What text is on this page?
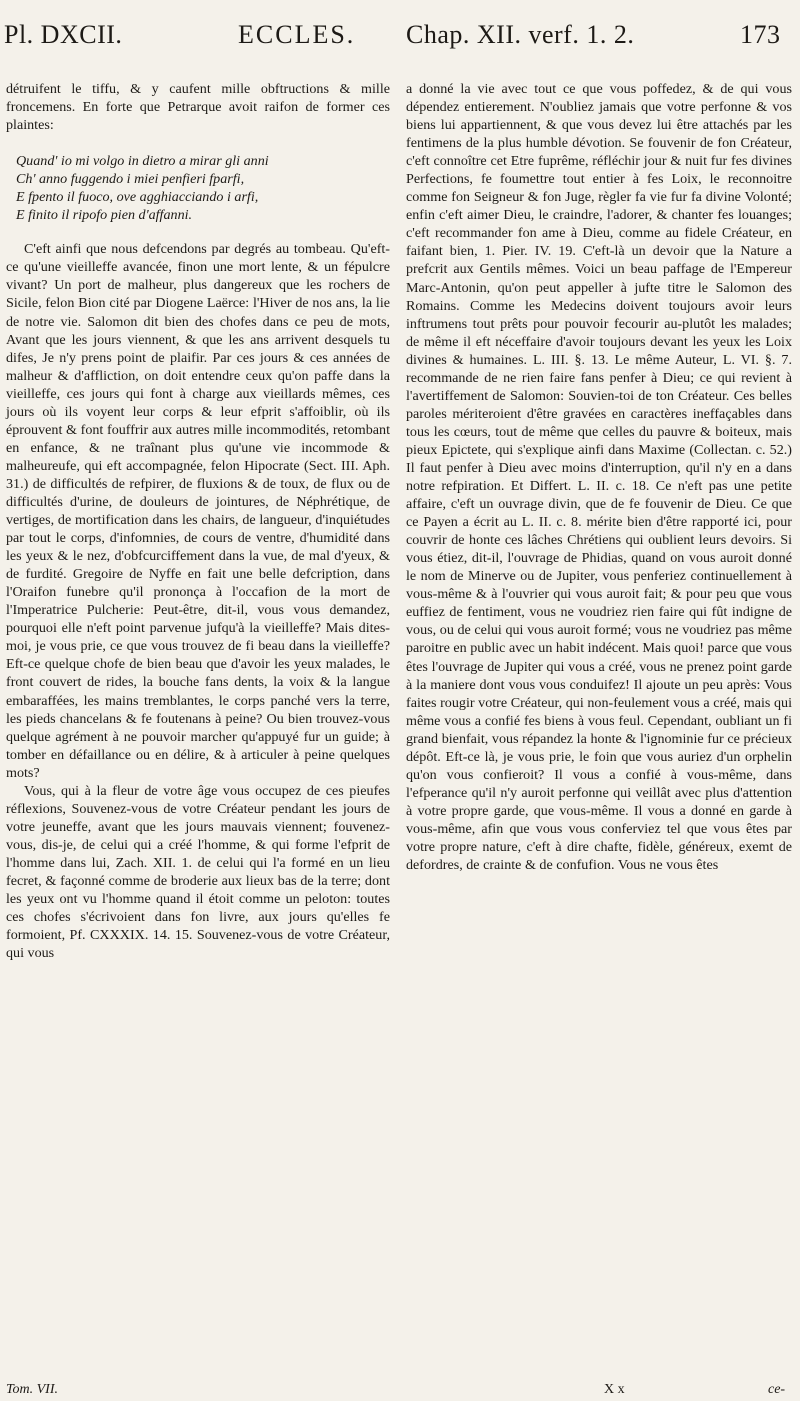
Pl. DXCII.	ECCLES. Chap. XII. verf. 1. 2.	173

détruifent le tiffu, & y caufent mille obftructions & mille froncemens. En forte que Petrarque avoit raifon de former ces plaintes:

Quand' io mi volgo in dietro a mirar gli anni
Ch' anno fuggendo i miei penfieri fparfi,
E fpento il fuoco, ove agghiacciando i arfi,
E finito il ripofo pien d'affanni.

C'eft ainfi que nous defcendons par degrés au tombeau. Qu'eft-ce qu'une vieilleffe avancée, finon une mort lente, & un fépulcre vivant? Un port de malheur, plus dangereux que les rochers de Sicile, felon Bion cité par Diogene Laërce: l'Hiver de nos ans, la lie de notre vie. Salomon dit bien des chofes dans ce peu de mots, Avant que les jours viennent, & que les ans arrivent desquels tu difes, Je n'y prens point de plaifir. Par ces jours & ces années de malheur & d'affliction, on doit entendre ceux qu'on paffe dans la vieilleffe, ces jours qui font à charge aux vieillards mêmes, ces jours où ils voyent leur corps & leur efprit s'affoiblir, où ils éprouvent & font fouffrir aux autres mille incommodités, retombant en enfance, & ne traînant plus qu'une vie incommode & malheureufe, qui eft accompagnée, felon Hipocrate (Sect. III. Aph. 31.) de difficultés de refpirer, de fluxions & de toux, de flux ou de difficultés d'urine, de douleurs de jointures, de Néphrétique, de vertiges, de mortification dans les chairs, de langueur, d'inquiétudes par tout le corps, d'infomnies, de cours de ventre, d'humidité dans les yeux & le nez, d'obfcurciffement dans la vue, de mal d'yeux, & de furdité. Gregoire de Nyffe en fait une belle defcription, dans l'Oraifon funebre qu'il prononça à l'occafion de la mort de l'Imperatrice Pulcherie: Peut-être, dit-il, vous vous demandez, pourquoi elle n'eft point parvenue jufqu'à la vieilleffe? Mais dites-moi, je vous prie, ce que vous trouvez de fi beau dans la vieilleffe? Eft-ce quelque chofe de bien beau que d'avoir les yeux malades, le front couvert de rides, la bouche fans dents, la voix & la langue embaraffées, les mains tremblantes, le corps panché vers la terre, les pieds chancelans & fe foutenans à peine? Ou bien trouvez-vous quelque agrément à ne pouvoir marcher qu'appuyé fur un guide; à tomber en défaillance ou en délire, & à articuler à peine quelques mots?

Vous, qui à la fleur de votre âge vous occupez de ces pieufes réflexions, Souvenez-vous de votre Créateur pendant les jours de votre jeuneffe, avant que les jours mauvais viennent; fouvenez-vous, dis-je, de celui qui a créé l'homme, & qui forme l'efprit de l'homme dans lui, Zach. XII. 1. de celui qui l'a formé en un lieu fecret, & façonné comme de broderie aux lieux bas de la terre; dont les yeux ont vu l'homme quand il étoit comme un peloton: toutes ces chofes s'écrivoient dans fon livre, aux jours qu'elles fe formoient, Pf. CXXXIX. 14. 15. Souvenez-vous de votre Créateur, qui vous

a donné la vie avec tout ce que vous poffedez, & de qui vous dépendez entierement. N'oubliez jamais que votre perfonne & vos biens lui appartiennent, & que vous devez lui être attachés par les fentimens de la plus humble dévotion. Se fouvenir de fon Créateur, c'eft connoître cet Etre fuprême, réfléchir jour & nuit fur fes divines Perfections, fe foumettre tout entier à fes Loix, le reconnoitre comme fon Seigneur & fon Juge, règler fa vie fur fa divine Volonté; enfin c'eft aimer Dieu, le craindre, l'adorer, & chanter fes louanges; c'eft recommander fon ame à Dieu, comme au fidele Créateur, en faifant bien, 1. Pier. IV. 19. C'eft-là un devoir que la Nature a prefcrit aux Gentils mêmes. Voici un beau paffage de l'Empereur Marc-Antonin, qu'on peut appeller à jufte titre le Salomon des Romains. Comme les Medecins doivent toujours avoir leurs inftrumens tout prêts pour pouvoir fecourir au-plutôt les malades; de même il eft néceffaire d'avoir toujours devant les yeux les Loix divines & humaines. L. III. §. 13. Le même Auteur, L. VI. §. 7. recommande de ne rien faire fans penfer à Dieu; ce qui revient à l'avertiffement de Salomon: Souvien-toi de ton Créateur. Ces belles paroles mériteroient d'être gravées en caractères ineffaçables dans tous les cœurs, tout de même que celles du pauvre & boiteux, mais pieux Epictete, qui s'explique ainfi dans Maxime (Collectan. c. 52.) Il faut penfer à Dieu avec moins d'interruption, qu'il n'y en a dans notre refpiration. Et Differt. L. II. c. 18. Ce n'eft pas une petite affaire, c'eft un ouvrage divin, que de fe fouvenir de Dieu. Ce que ce Payen a écrit au L. II. c. 8. mérite bien d'être rapporté ici, pour couvrir de honte ces lâches Chrétiens qui oublient leurs devoirs. Si vous étiez, dit-il, l'ouvrage de Phidias, quand on vous auroit donné le nom de Minerve ou de Jupiter, vous penferiez continuellement à vous-même & à l'ouvrier qui vous auroit fait; & pour peu que vous euffiez de fentiment, vous ne voudriez rien faire qui fût indigne de vous, ou de celui qui vous auroit formé; vous ne voudriez pas même paroitre en public avec un habit indécent. Mais quoi! parce que vous êtes l'ouvrage de Jupiter qui vous a créé, vous ne prenez point garde à la maniere dont vous vous conduifez! Il ajoute un peu après: Vous faites rougir votre Créateur, qui non-feulement vous a créé, mais qui même vous a confié fes biens à vous feul. Cependant, oubliant un fi grand bienfait, vous répandez la honte & l'ignominie fur ce précieux dépôt. Eft-ce là, je vous prie, le foin que vous auriez d'un orphelin qu'on vous confieroit? Il vous a confié à vous-même, dans l'efperance qu'il n'y auroit perfonne qui veillât avec plus d'attention à votre propre garde, que vous-même. Il vous a donné en garde à vous-même, afin que vous vous conferviez tel que vous êtes par votre propre nature, c'eft à dire chafte, fidèle, généreux, exemt de defordres, de crainte & de confufion. Vous ne vous êtes

Tom. VII.	X x	ce-
